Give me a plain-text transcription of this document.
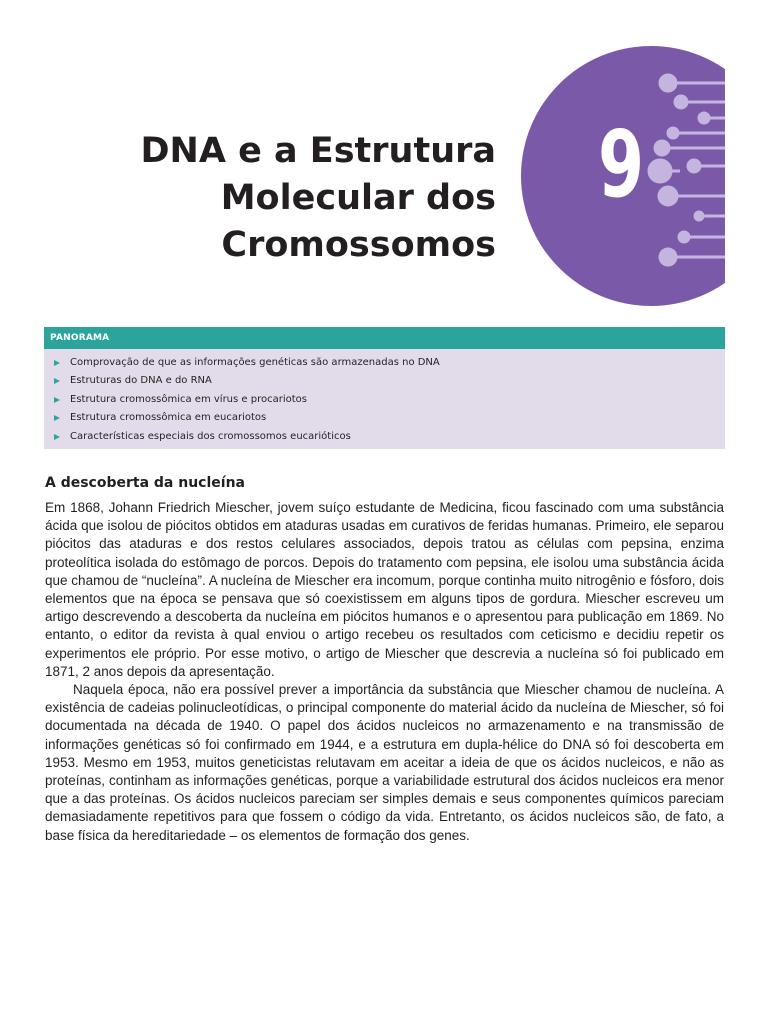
9
DNA e a Estrutura
Molecular dos
Cromossomos
PANORAMA
Comprovação de que as informações genéticas são armazenadas no DNA
Estruturas do DNA e do RNA
Estrutura cromossômica em vírus e procariotos
Estrutura cromossômica em eucariotos
Características especiais dos cromossomos eucarióticos
A descoberta da nucleína

Em 1868, Johann Friedrich Miescher, jovem suíço estudante de Medicina, ficou fascinado com uma substância ácida que isolou de piócitos obtidos em ataduras usadas em curativos de feridas humanas. Primeiro, ele separou piócitos das ataduras e dos restos celulares associados, depois tratou as células com pepsina, enzima proteolítica isolada do estômago de porcos. Depois do tratamento com pepsina, ele isolou uma substância ácida que chamou de “nucleína”. A nucleína de Miescher era incomum, porque continha muito nitrogênio e fósforo, dois elementos que na época se pensava que só coexistissem em alguns tipos de gordura. Miescher escreveu um artigo descrevendo a descoberta da nucleína em piócitos humanos e o apresentou para publicação em 1869. No entanto, o editor da revista à qual enviou o artigo recebeu os resultados com ceticismo e decidiu repetir os experimentos ele próprio. Por esse motivo, o artigo de Miescher que descrevia a nucleína só foi publicado em 1871, 2 anos depois da apresentação.

Naquela época, não era possível prever a importância da substância que Miescher chamou de nucleína. A existência de cadeias polinucleotídicas, o principal componente do material ácido da nucleína de Miescher, só foi documentada na década de 1940. O papel dos ácidos nucleicos no armazenamento e na transmissão de informações genéticas só foi confirmado em 1944, e a estrutura em dupla-hélice do DNA só foi descoberta em 1953. Mesmo em 1953, muitos geneticistas relutavam em aceitar a ideia de que os ácidos nucleicos, e não as proteínas, continham as informações genéticas, porque a variabilidade estrutural dos ácidos nucleicos era menor que a das proteínas. Os ácidos nucleicos pareciam ser simples demais e seus componentes químicos pareciam demasiadamente repetitivos para que fossem o código da vida. Entretanto, os ácidos nucleicos são, de fato, a base física da hereditariedade – os elementos de formação dos genes.
